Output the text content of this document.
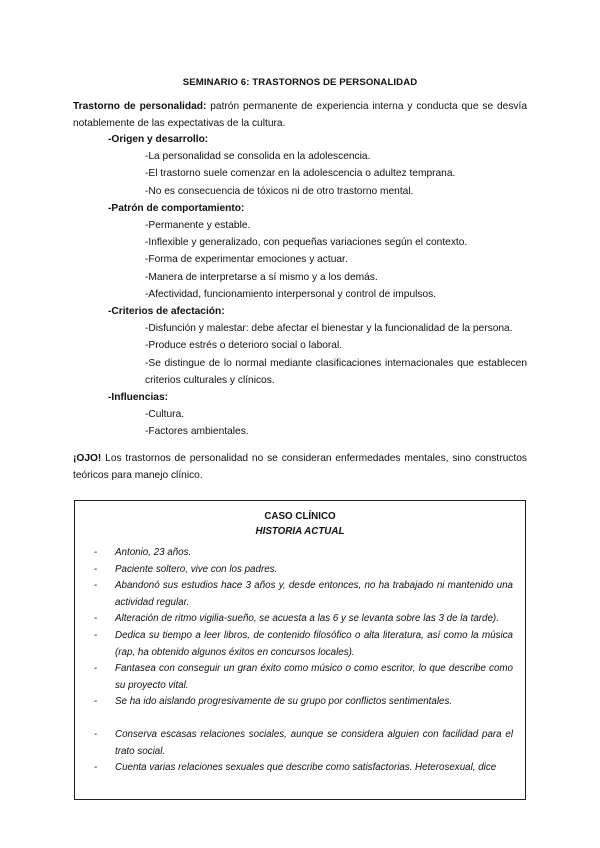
SEMINARIO 6: TRASTORNOS DE PERSONALIDAD
Trastorno de personalidad: patrón permanente de experiencia interna y conducta que se desvía notablemente de las expectativas de la cultura.
-Origen y desarrollo:
-La personalidad se consolida en la adolescencia.
-El trastorno suele comenzar en la adolescencia o adultez temprana.
-No es consecuencia de tóxicos ni de otro trastorno mental.
-Patrón de comportamiento:
-Permanente y estable.
-Inflexible y generalizado, con pequeñas variaciones según el contexto.
-Forma de experimentar emociones y actuar.
-Manera de interpretarse a sí mismo y a los demás.
-Afectividad, funcionamiento interpersonal y control de impulsos.
-Criterios de afectación:
-Disfunción y malestar: debe afectar el bienestar y la funcionalidad de la persona.
-Produce estrés o deterioro social o laboral.
-Se distingue de lo normal mediante clasificaciones internacionales que establecen criterios culturales y clínicos.
-Influencias:
-Cultura.
-Factores ambientales.
¡OJO! Los trastornos de personalidad no se consideran enfermedades mentales, sino constructos teóricos para manejo clínico.
CASO CLÍNICO
HISTORIA ACTUAL
- Antonio, 23 años.
- Paciente soltero, vive con los padres.
- Abandonó sus estudios hace 3 años y, desde entonces, no ha trabajado ni mantenido una actividad regular.
- Alteración de ritmo vigilia-sueño, se acuesta a las 6 y se levanta sobre las 3 de la tarde).
- Dedica su tiempo a leer libros, de contenido filosófico o alta literatura, así como la música (rap, ha obtenido algunos éxitos en concursos locales).
- Fantasea con conseguir un gran éxito como músico o como escritor, lo que describe como su proyecto vital.
- Se ha ido aislando progresivamente de su grupo por conflictos sentimentales.
- Conserva escasas relaciones sociales, aunque se considera alguien con facilidad para el trato social.
- Cuenta varias relaciones sexuales que describe como satisfactorias. Heterosexual, dice
